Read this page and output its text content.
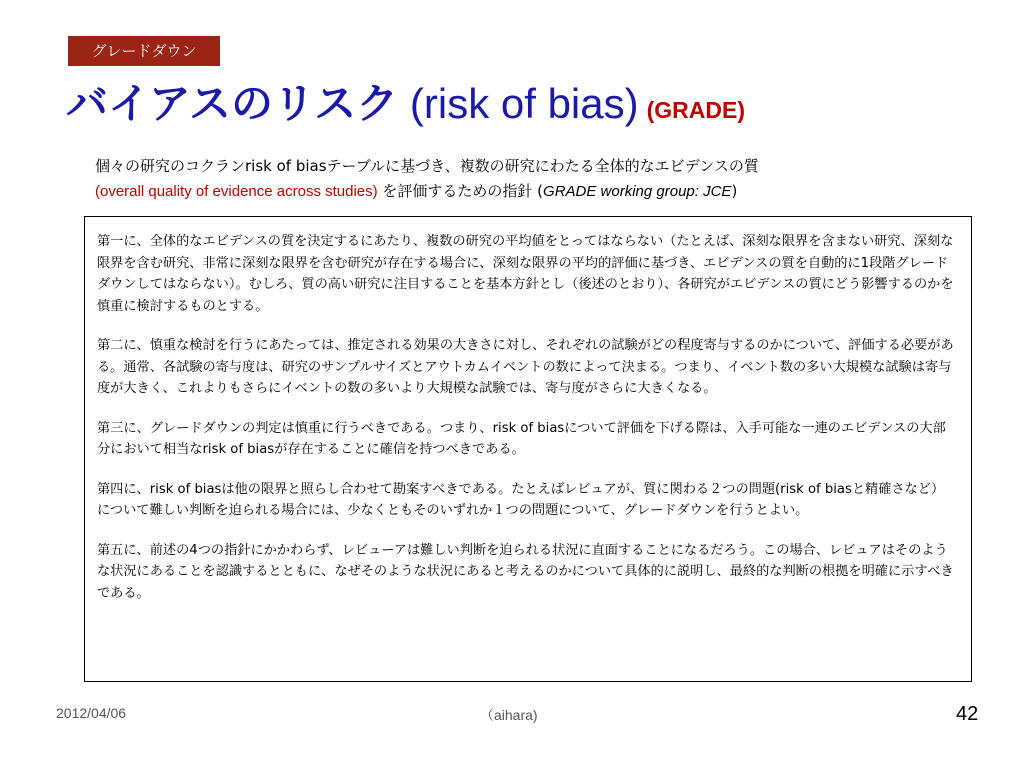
グレードダウン
バイアスのリスク (risk of bias) (GRADE)
個々の研究のコクランrisk of biasテーブルに基づき、複数の研究にわたる全体的なエビデンスの質
(overall quality of evidence across studies) を評価するための指針 (GRADE working group: JCE)

第一に、全体的なエビデンスの質を決定するにあたり、複数の研究の平均値をとってはならない（たとえば、深刻な限界を含まない研究、深刻な限界を含む研究、非常に深刻な限界を含む研究が存在する場合に、深刻な限界の平均的評価に基づき、エビデンスの質を自動的に1段階グレードダウンしてはならない）。むしろ、質の高い研究に注目することを基本方針とし（後述のとおり）、各研究がエビデンスの質にどう影響するのかを慎重に検討するものとする。

第二に、慎重な検討を行うにあたっては、推定される効果の大きさに対し、それぞれの試験がどの程度寄与するのかについて、評価する必要がある。通常、各試験の寄与度は、研究のサンプルサイズとアウトカムイベントの数によって決まる。つまり、イベント数の多い大規模な試験は寄与度が大きく、これよりもさらにイベントの数の多いより大規模な試験では、寄与度がさらに大きくなる。

第三に、グレードダウンの判定は慎重に行うべきである。つまり、risk of biasについて評価を下げる際は、入手可能な一連のエビデンスの大部分において相当なrisk of biasが存在することに確信を持つべきである。

第四に、risk of biasは他の限界と照らし合わせて勘案すべきである。たとえばレビュアが、質に関わる２つの問題(risk of biasと精確さなど）について難しい判断を迫られる場合には、少なくともそのいずれか１つの問題について、グレードダウンを行うとよい。

第五に、前述の4つの指針にかかわらず、レビューアは難しい判断を迫られる状況に直面することになるだろう。この場合、レビュアはそのような状況にあることを認識するとともに、なぜそのような状況にあると考えるのかについて具体的に説明し、最終的な判断の根拠を明確に示すべきである。

2012/04/06	（aihara)	42
